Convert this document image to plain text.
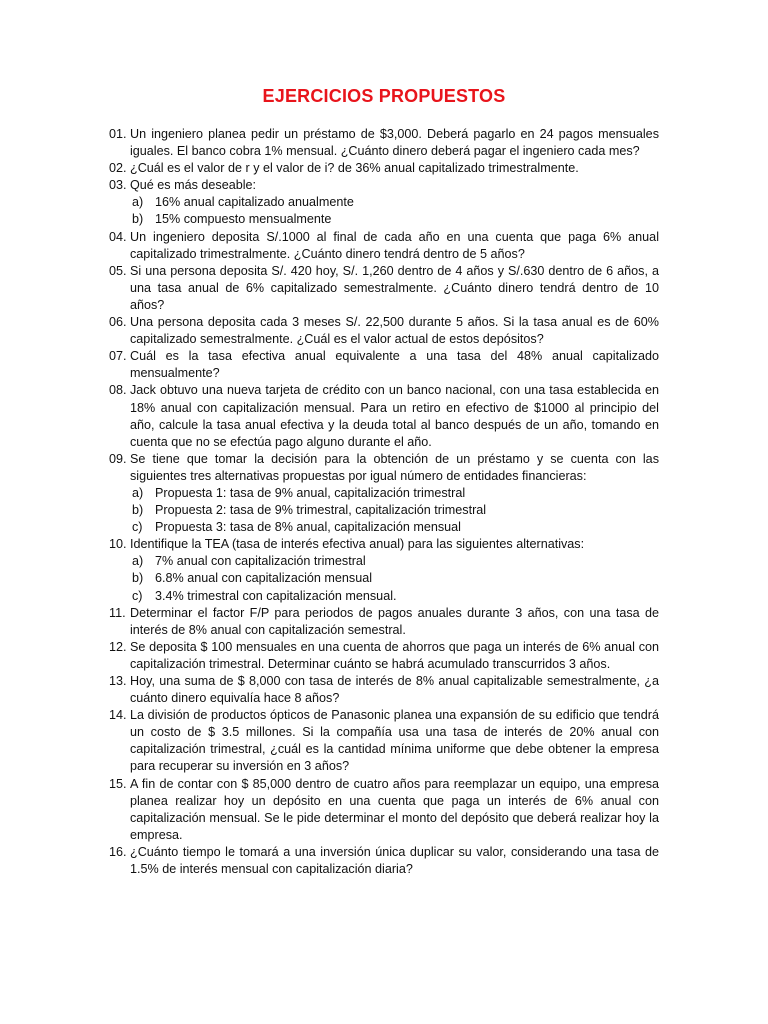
EJERCICIOS PROPUESTOS
01. Un ingeniero planea pedir un préstamo de $3,000. Deberá pagarlo en 24 pagos mensuales iguales. El banco cobra 1% mensual. ¿Cuánto dinero deberá pagar el ingeniero cada mes?
02. ¿Cuál es el valor de r y el valor de i? de 36% anual capitalizado trimestralmente.
03. Qué es más deseable:
a) 16% anual capitalizado anualmente
b) 15% compuesto mensualmente
04. Un ingeniero deposita S/.1000 al final de cada año en una cuenta que paga 6% anual capitalizado trimestralmente. ¿Cuánto dinero tendrá dentro de 5 años?
05. Si una persona deposita S/. 420 hoy, S/. 1,260 dentro de 4 años y S/.630 dentro de 6 años, a una tasa anual de 6% capitalizado semestralmente. ¿Cuánto dinero tendrá dentro de 10 años?
06. Una persona deposita cada 3 meses S/. 22,500 durante 5 años. Si la tasa anual es de 60% capitalizado semestralmente. ¿Cuál es el valor actual de estos depósitos?
07. Cuál es la tasa efectiva anual equivalente a una tasa del 48% anual capitalizado mensualmente?
08. Jack obtuvo una nueva tarjeta de crédito con un banco nacional, con una tasa establecida en 18% anual con capitalización mensual. Para un retiro en efectivo de $1000 al principio del año, calcule la tasa anual efectiva y la deuda total al banco después de un año, tomando en cuenta que no se efectúa pago alguno durante el año.
09. Se tiene que tomar la decisión para la obtención de un préstamo y se cuenta con las siguientes tres alternativas propuestas por igual número de entidades financieras:
a) Propuesta 1: tasa de 9% anual, capitalización trimestral
b) Propuesta 2: tasa de 9% trimestral, capitalización trimestral
c) Propuesta 3: tasa de 8% anual, capitalización mensual
10. Identifique la TEA (tasa de interés efectiva anual) para las siguientes alternativas:
a) 7% anual con capitalización trimestral
b) 6.8% anual con capitalización mensual
c) 3.4% trimestral con capitalización mensual.
11. Determinar el factor F/P para periodos de pagos anuales durante 3 años, con una tasa de interés de 8% anual con capitalización semestral.
12. Se deposita $ 100 mensuales en una cuenta de ahorros que paga un interés de 6% anual con capitalización trimestral. Determinar cuánto se habrá acumulado transcurridos 3 años.
13. Hoy, una suma de $ 8,000 con tasa de interés de 8% anual capitalizable semestralmente, ¿a cuánto dinero equivalía hace 8 años?
14. La división de productos ópticos de Panasonic planea una expansión de su edificio que tendrá un costo de $ 3.5 millones. Si la compañía usa una tasa de interés de 20% anual con capitalización trimestral, ¿cuál es la cantidad mínima uniforme que debe obtener la empresa para recuperar su inversión en 3 años?
15. A fin de contar con $ 85,000 dentro de cuatro años para reemplazar un equipo, una empresa planea realizar hoy un depósito en una cuenta que paga un interés de 6% anual con capitalización mensual. Se le pide determinar el monto del depósito que deberá realizar hoy la empresa.
16. ¿Cuánto tiempo le tomará a una inversión única duplicar su valor, considerando una tasa de 1.5% de interés mensual con capitalización diaria?
